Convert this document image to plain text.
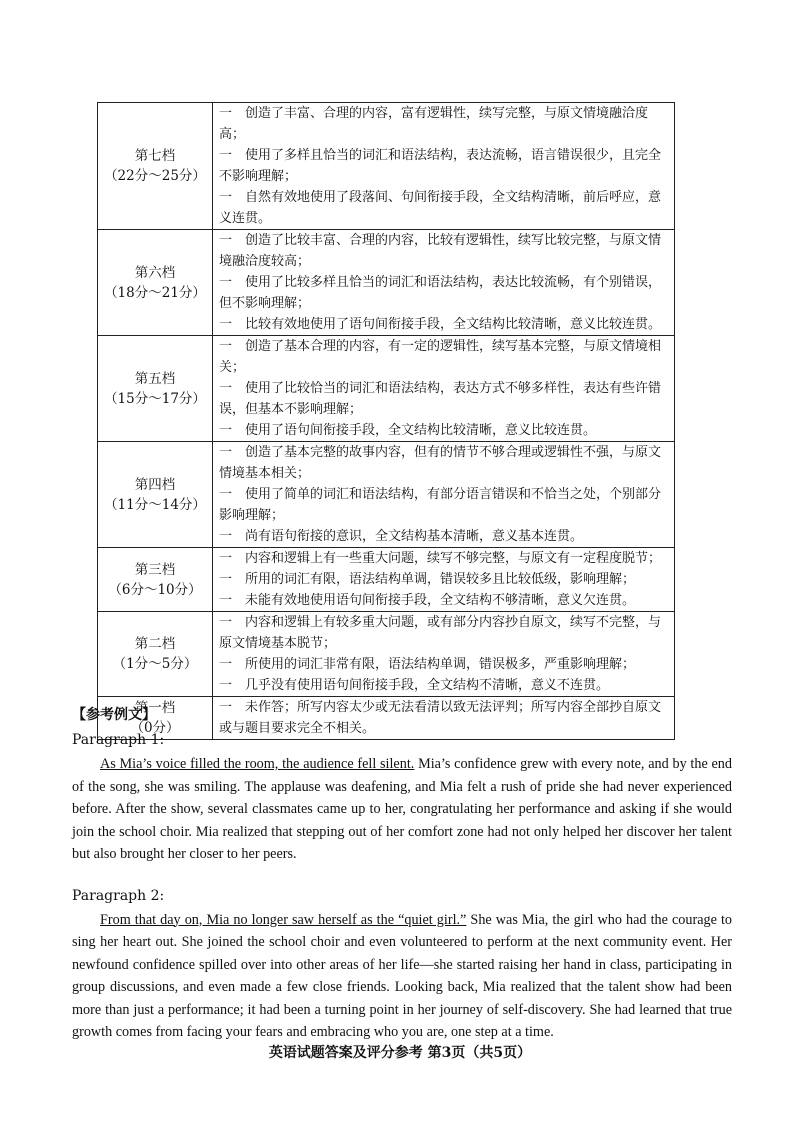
第七档
（22分～25分）	一　创造了丰富、合理的内容，富有逻辑性，续写完整，与原文情境融洽度高；
一　使用了多样且恰当的词汇和语法结构，表达流畅，语言错误很少，且完全不影响理解；
一　自然有效地使用了段落间、句间衔接手段，全文结构清晰，前后呼应，意义连贯。

第六档
（18分～21分）	一　创造了比较丰富、合理的内容，比较有逻辑性，续写比较完整，与原文情境融洽度较高；
一　使用了比较多样且恰当的词汇和语法结构，表达比较流畅，有个别错误，但不影响理解；
一　比较有效地使用了语句间衔接手段，全文结构比较清晰，意义比较连贯。

第五档
（15分～17分）	一　创造了基本合理的内容，有一定的逻辑性，续写基本完整，与原文情境相关；
一　使用了比较恰当的词汇和语法结构，表达方式不够多样性，表达有些许错误，但基本不影响理解；
一　使用了语句间衔接手段，全文结构比较清晰，意义比较连贯。

第四档
（11分～14分）	一　创造了基本完整的故事内容，但有的情节不够合理或逻辑性不强，与原文情境基本相关；
一　使用了简单的词汇和语法结构，有部分语言错误和不恰当之处，个别部分影响理解；
一　尚有语句衔接的意识，全文结构基本清晰，意义基本连贯。

第三档
（6分～10分）	一　内容和逻辑上有一些重大问题，续写不够完整，与原文有一定程度脱节；
一　所用的词汇有限，语法结构单调，错误较多且比较低级，影响理解；
一　未能有效地使用语句间衔接手段，全文结构不够清晰，意义欠连贯。

第二档
（1分～5分）	一　内容和逻辑上有较多重大问题，或有部分内容抄自原文，续写不完整，与原文情境基本脱节；
一　所使用的词汇非常有限，语法结构单调，错误极多，严重影响理解；
一　几乎没有使用语句间衔接手段，全文结构不清晰，意义不连贯。

第一档
（0分）	一　未作答；所写内容太少或无法看清以致无法评判；所写内容全部抄自原文或与题目要求完全不相关。

【参考例文】

Paragraph 1:

As Mia’s voice filled the room, the audience fell silent. Mia’s confidence grew with every note, and by the end of the song, she was smiling. The applause was deafening, and Mia felt a rush of pride she had never experienced before. After the show, several classmates came up to her, congratulating her performance and asking if she would join the school choir. Mia realized that stepping out of her comfort zone had not only helped her discover her talent but also brought her closer to her peers.

Paragraph 2:

From that day on, Mia no longer saw herself as the “quiet girl.” She was Mia, the girl who had the courage to sing her heart out. She joined the school choir and even volunteered to perform at the next community event. Her newfound confidence spilled over into other areas of her life—she started raising her hand in class, participating in group discussions, and even made a few close friends. Looking back, Mia realized that the talent show had been more than just a performance; it had been a turning point in her journey of self-discovery. She had learned that true growth comes from facing your fears and embracing who you are, one step at a time.

英语试题答案及评分参考 第3页（共5页）
